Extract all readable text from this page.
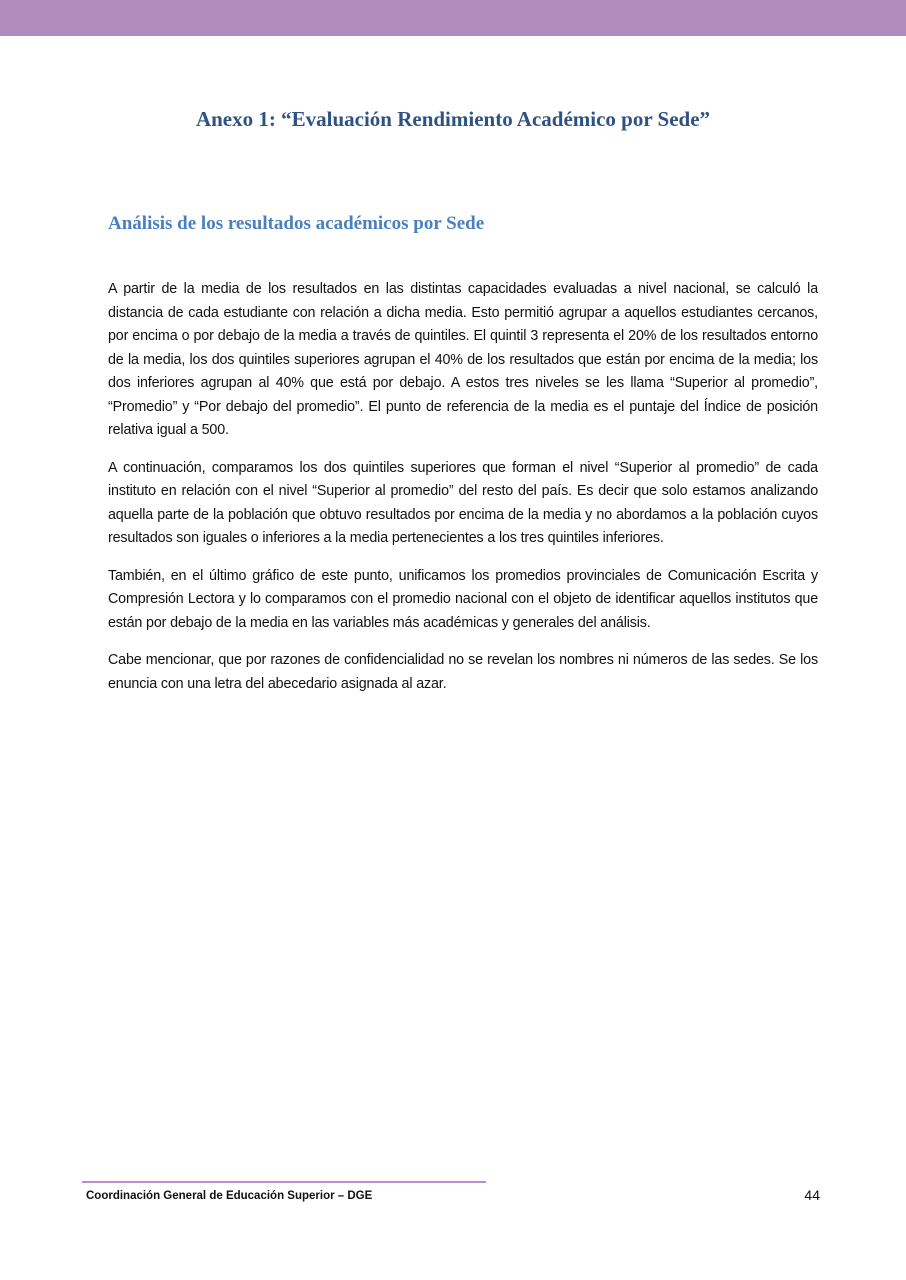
Anexo 1: “Evaluación Rendimiento Académico por Sede”
Análisis de los resultados académicos por Sede

A partir de la media de los resultados en las distintas capacidades evaluadas a nivel nacional, se calculó la distancia de cada estudiante con relación a dicha media. Esto permitió agrupar a aquellos estudiantes cercanos, por encima o por debajo de la media a través de quintiles. El quintil 3 representa el 20% de los resultados entorno de la media, los dos quintiles superiores agrupan el 40% de los resultados que están por encima de la media; los dos inferiores agrupan al 40% que está por debajo. A estos tres niveles se les llama “Superior al promedio”, “Promedio” y “Por debajo del promedio”. El punto de referencia de la media es el puntaje del Índice de posición relativa igual a 500.

A continuación, comparamos los dos quintiles superiores que forman el nivel “Superior al promedio” de cada instituto en relación con el nivel “Superior al promedio” del resto del país. Es decir que solo estamos analizando aquella parte de la población que obtuvo resultados por encima de la media y no abordamos a la población cuyos resultados son iguales o inferiores a la media pertenecientes a los tres quintiles inferiores.

También, en el último gráfico de este punto, unificamos los promedios provinciales de Comunicación Escrita y Compresión Lectora y lo comparamos con el promedio nacional con el objeto de identificar aquellos institutos que están por debajo de la media en las variables más académicas y generales del análisis.

Cabe mencionar, que por razones de confidencialidad no se revelan los nombres ni números de las sedes. Se los enuncia con una letra del abecedario asignada al azar.

Coordinación General de Educación Superior – DGE	44
